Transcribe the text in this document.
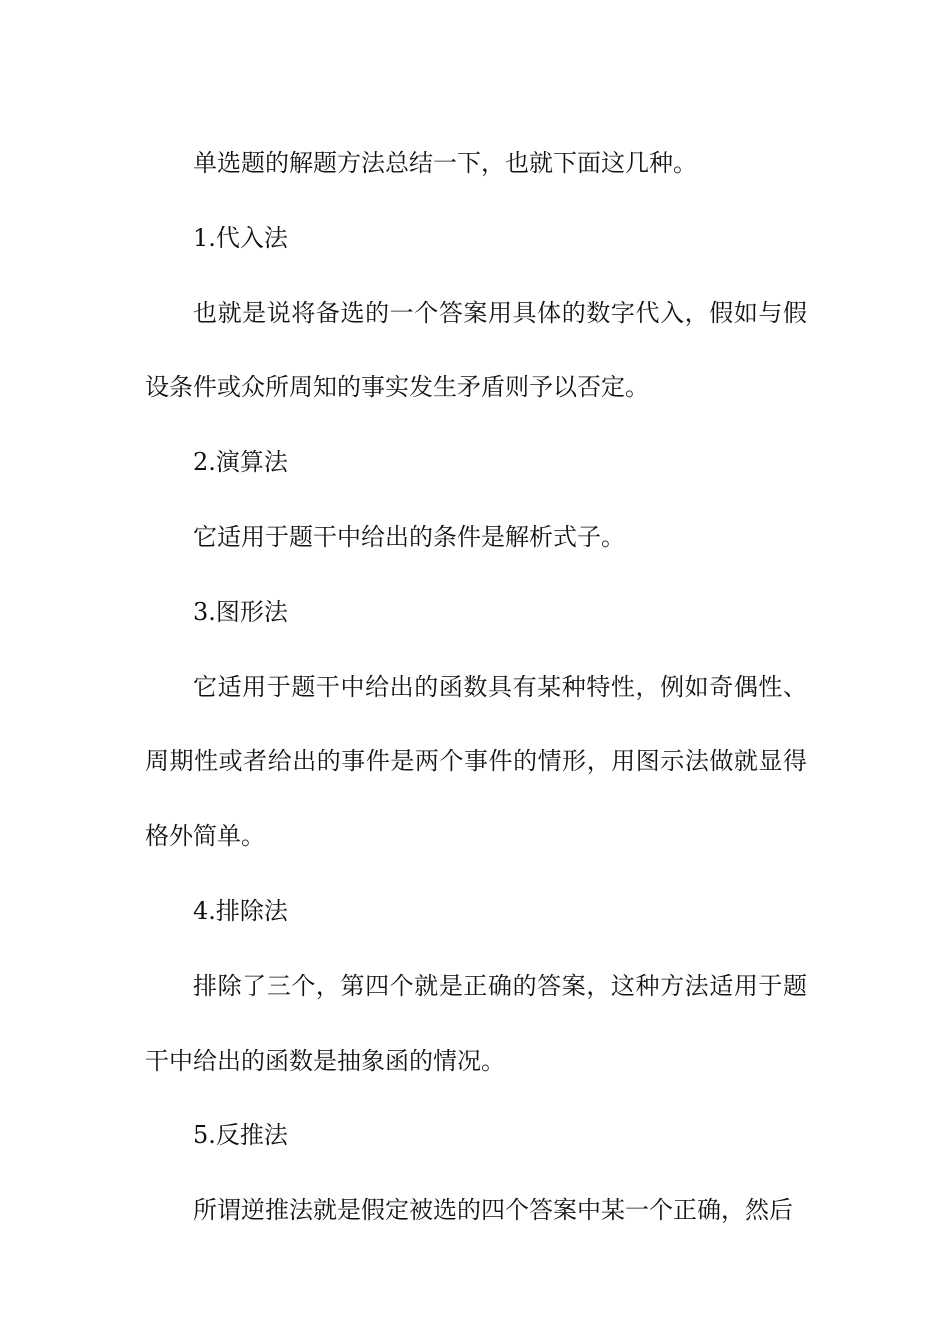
单选题的解题方法总结一下，也就下面这几种。

1.代入法

也就是说将备选的一个答案用具体的数字代入，假如与假设条件或众所周知的事实发生矛盾则予以否定。

2.演算法

它适用于题干中给出的条件是解析式子。

3.图形法

它适用于题干中给出的函数具有某种特性，例如奇偶性、周期性或者给出的事件是两个事件的情形，用图示法做就显得格外简单。

4.排除法

排除了三个，第四个就是正确的答案，这种方法适用于题干中给出的函数是抽象函的情况。

5.反推法

所谓逆推法就是假定被选的四个答案中某一个正确，然后
